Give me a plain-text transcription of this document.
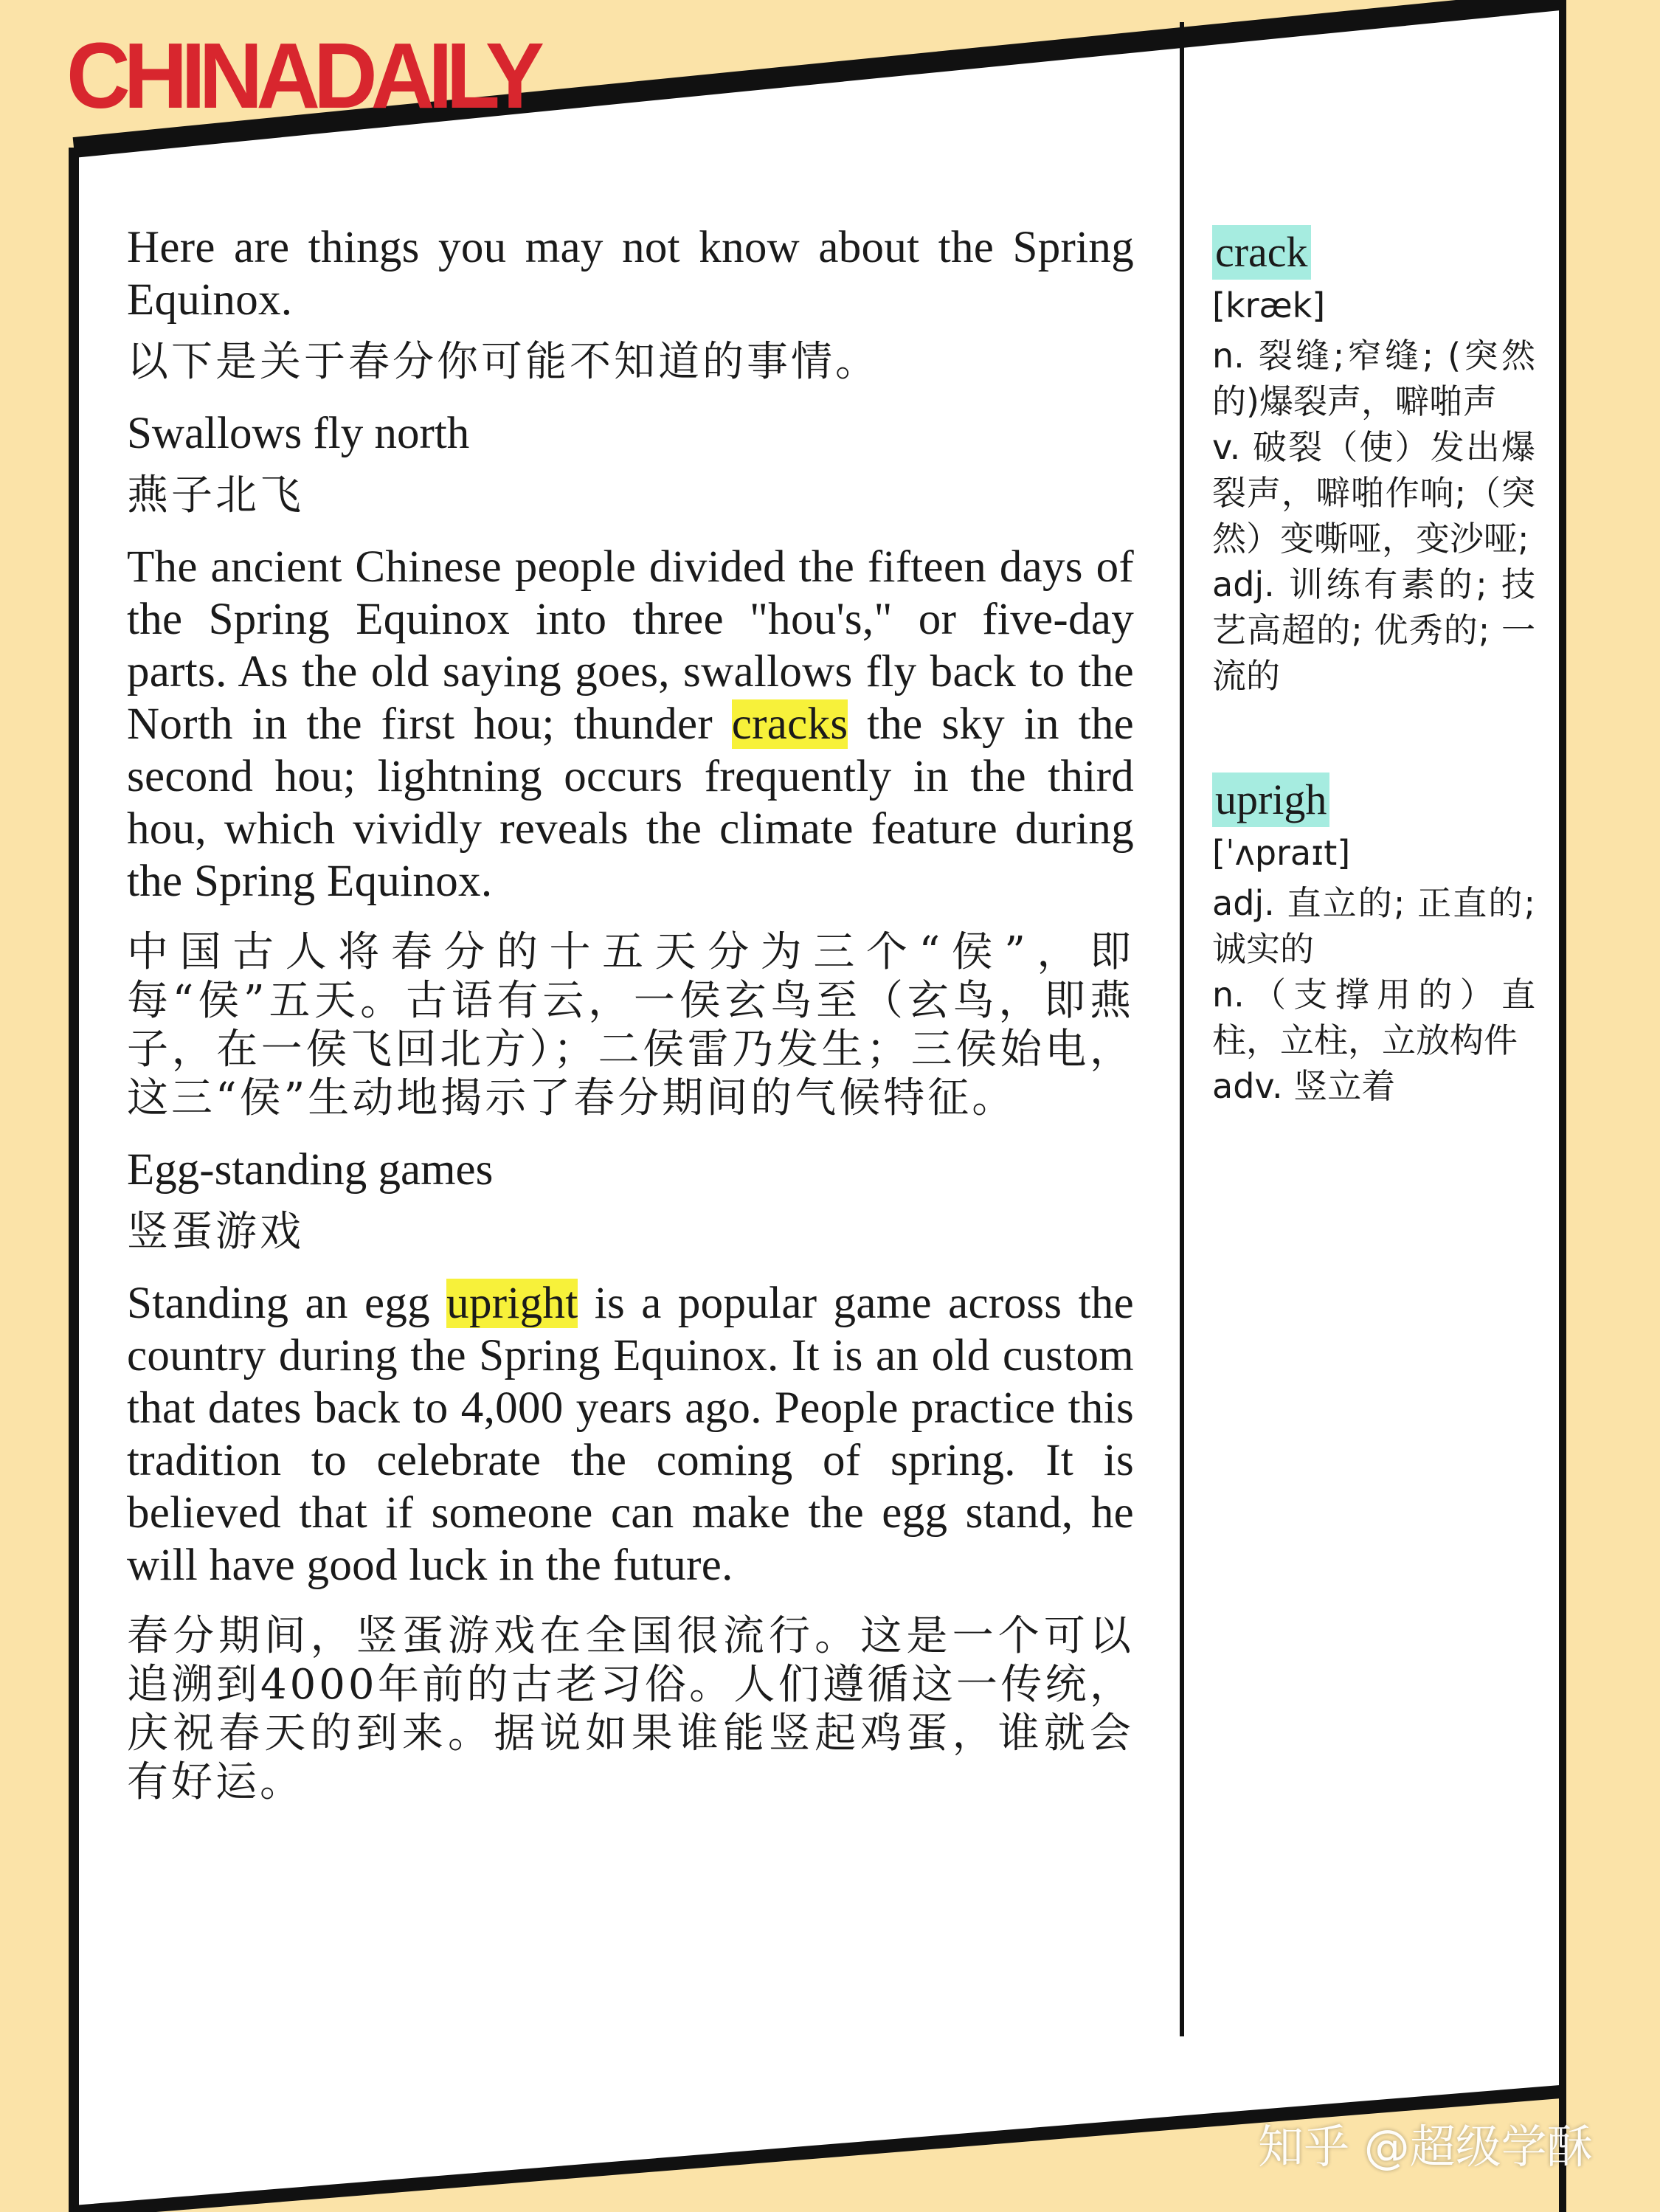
CHINADAILY

Here are things you may not know about the Spring Equinox.

以下是关于春分你可能不知道的事情。

Swallows fly north

燕子北飞

The ancient Chinese people divided the fifteen days of the Spring Equinox into three "hou's," or five-day parts. As the old saying goes, swallows fly back to the North in the first hou; thunder cracks the sky in the second hou; lightning occurs frequently in the third hou, which vividly reveals the climate feature during the Spring Equinox.

中国古人将春分的十五天分为三个“侯”，即每“侯”五天。古语有云，一侯玄鸟至（玄鸟，即燕子，在一侯飞回北方）；二侯雷乃发生；三侯始电，这三“侯”生动地揭示了春分期间的气候特征。

Egg-standing games

竖蛋游戏

Standing an egg upright is a popular game across the country during the Spring Equinox. It is an old custom that dates back to 4,000 years ago. People practice this tradition to celebrate the coming of spring. It is believed that if someone can make the egg stand, he will have good luck in the future.

春分期间，竖蛋游戏在全国很流行。这是一个可以追溯到4000年前的古老习俗。人们遵循这一传统，庆祝春天的到来。据说如果谁能竖起鸡蛋，谁就会有好运。

crack
[kræk]

n. 裂缝;窄缝; (突然的)爆裂声，噼啪声

v. 破裂（使）发出爆裂声，噼啪作响;（突然）变嘶哑，变沙哑;

adj. 训练有素的; 技艺高超的; 优秀的; 一流的

uprigh
[ˈʌpraɪt]

adj. 直立的; 正直的; 诚实的

n.（支撑用的）直柱，立柱，立放构件

adv. 竖立着

知乎 @超级学酥
